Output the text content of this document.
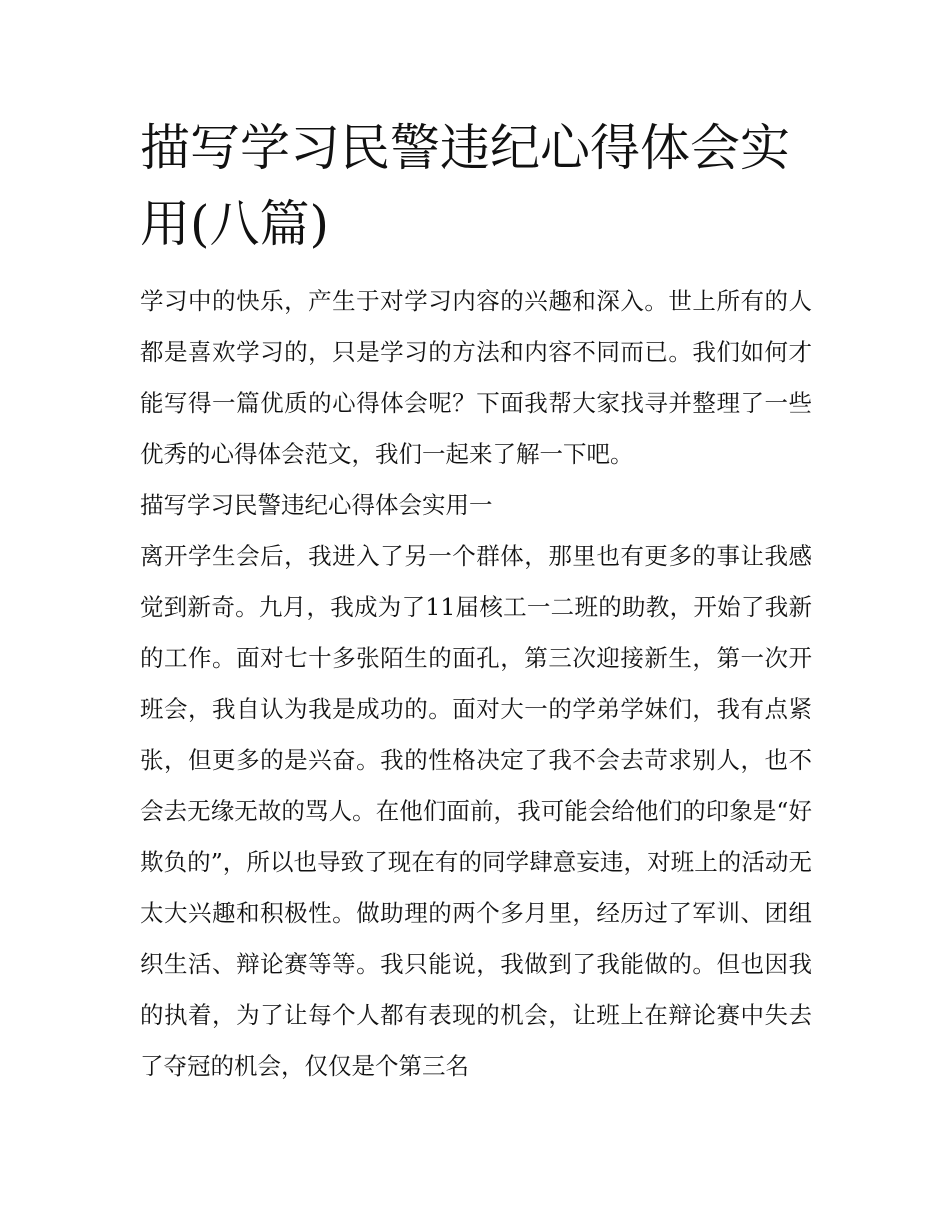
描写学习民警违纪心得体会实用(八篇)

学习中的快乐，产生于对学习内容的兴趣和深入。世上所有的人都是喜欢学习的，只是学习的方法和内容不同而已。我们如何才能写得一篇优质的心得体会呢？下面我帮大家找寻并整理了一些优秀的心得体会范文，我们一起来了解一下吧。

描写学习民警违纪心得体会实用一

离开学生会后，我进入了另一个群体，那里也有更多的事让我感觉到新奇。九月，我成为了11届核工一二班的助教，开始了我新的工作。面对七十多张陌生的面孔，第三次迎接新生，第一次开班会，我自认为我是成功的。面对大一的学弟学妹们，我有点紧张，但更多的是兴奋。我的性格决定了我不会去苛求别人，也不会去无缘无故的骂人。在他们面前，我可能会给他们的印象是“好欺负的”，所以也导致了现在有的同学肆意妄违，对班上的活动无太大兴趣和积极性。做助理的两个多月里，经历过了军训、团组织生活、辩论赛等等。我只能说，我做到了我能做的。但也因我的执着，为了让每个人都有表现的机会，让班上在辩论赛中失去了夺冠的机会，仅仅是个第三名
